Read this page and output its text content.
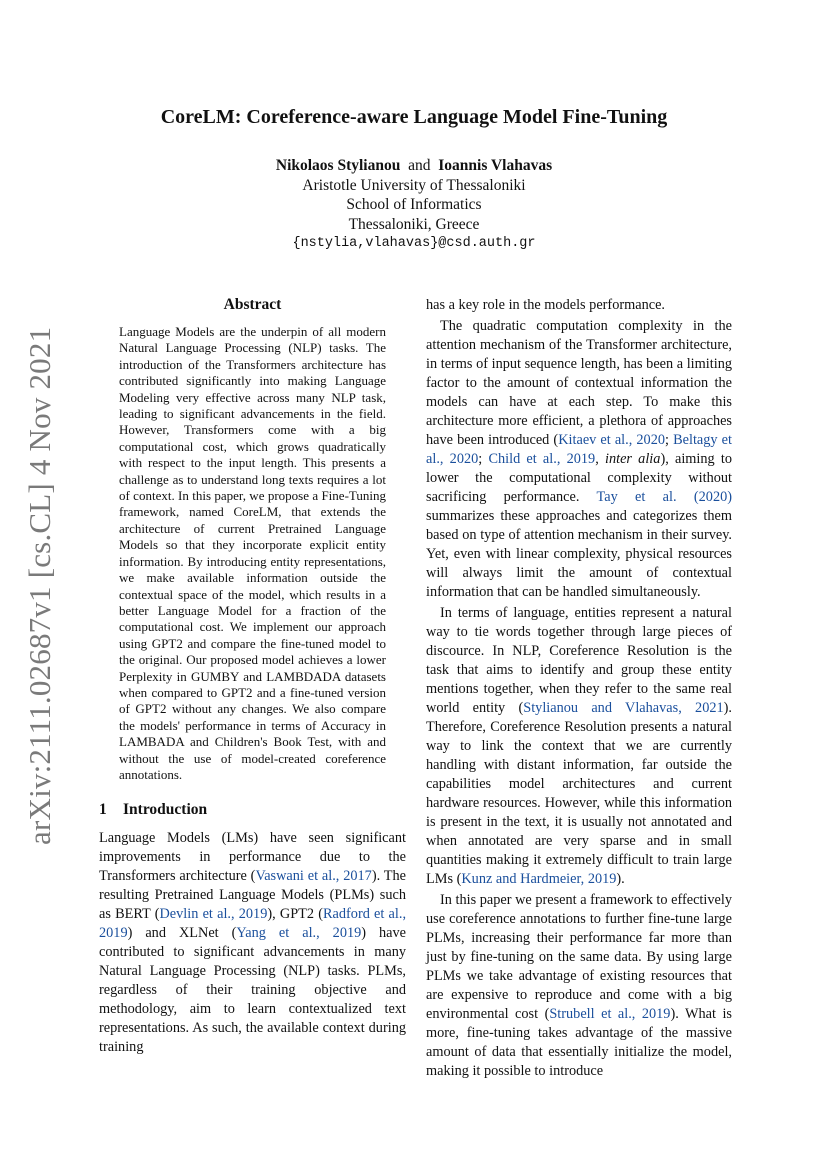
arXiv:2111.02687v1 [cs.CL] 4 Nov 2021
CoreLM: Coreference-aware Language Model Fine-Tuning
Nikolaos Stylianou and Ioannis Vlahavas
Aristotle University of Thessaloniki
School of Informatics
Thessaloniki, Greece
{nstylia,vlahavas}@csd.auth.gr
Abstract

Language Models are the underpin of all modern Natural Language Processing (NLP) tasks. The introduction of the Transformers architecture has contributed significantly into making Language Modeling very effective across many NLP task, leading to significant advancements in the field. However, Transformers come with a big computational cost, which grows quadratically with respect to the input length. This presents a challenge as to understand long texts requires a lot of context. In this paper, we propose a Fine-Tuning framework, named CoreLM, that extends the architecture of current Pretrained Language Models so that they incorporate explicit entity information. By introducing entity representations, we make available information outside the contextual space of the model, which results in a better Language Model for a fraction of the computational cost. We implement our approach using GPT2 and compare the fine-tuned model to the original. Our proposed model achieves a lower Perplexity in GUMBY and LAMBDADA datasets when compared to GPT2 and a fine-tuned version of GPT2 without any changes. We also compare the models' performance in terms of Accuracy in LAMBADA and Children's Book Test, with and without the use of model-created coreference annotations.

1 Introduction

Language Models (LMs) have seen significant improvements in performance due to the Transformers architecture (Vaswani et al., 2017). The resulting Pretrained Language Models (PLMs) such as BERT (Devlin et al., 2019), GPT2 (Radford et al., 2019) and XLNet (Yang et al., 2019) have contributed to significant advancements in many Natural Language Processing (NLP) tasks. PLMs, regardless of their training objective and methodology, aim to learn contextualized text representations. As such, the available context during training

has a key role in the models performance.

The quadratic computation complexity in the attention mechanism of the Transformer architecture, in terms of input sequence length, has been a limiting factor to the amount of contextual information the models can have at each step. To make this architecture more efficient, a plethora of approaches have been introduced (Kitaev et al., 2020; Beltagy et al., 2020; Child et al., 2019, inter alia), aiming to lower the computational complexity without sacrificing performance. Tay et al. (2020) summarizes these approaches and categorizes them based on type of attention mechanism in their survey. Yet, even with linear complexity, physical resources will always limit the amount of contextual information that can be handled simultaneously.

In terms of language, entities represent a natural way to tie words together through large pieces of discource. In NLP, Coreference Resolution is the task that aims to identify and group these entity mentions together, when they refer to the same real world entity (Stylianou and Vlahavas, 2021). Therefore, Coreference Resolution presents a natural way to link the context that we are currently handling with distant information, far outside the capabilities model architectures and current hardware resources. However, while this information is present in the text, it is usually not annotated and when annotated are very sparse and in small quantities making it extremely difficult to train large LMs (Kunz and Hardmeier, 2019).

In this paper we present a framework to effectively use coreference annotations to further fine-tune large PLMs, increasing their performance far more than just by fine-tuning on the same data. By using large PLMs we take advantage of existing resources that are expensive to reproduce and come with a big environmental cost (Strubell et al., 2019). What is more, fine-tuning takes advantage of the massive amount of data that essentially initialize the model, making it possible to introduce
